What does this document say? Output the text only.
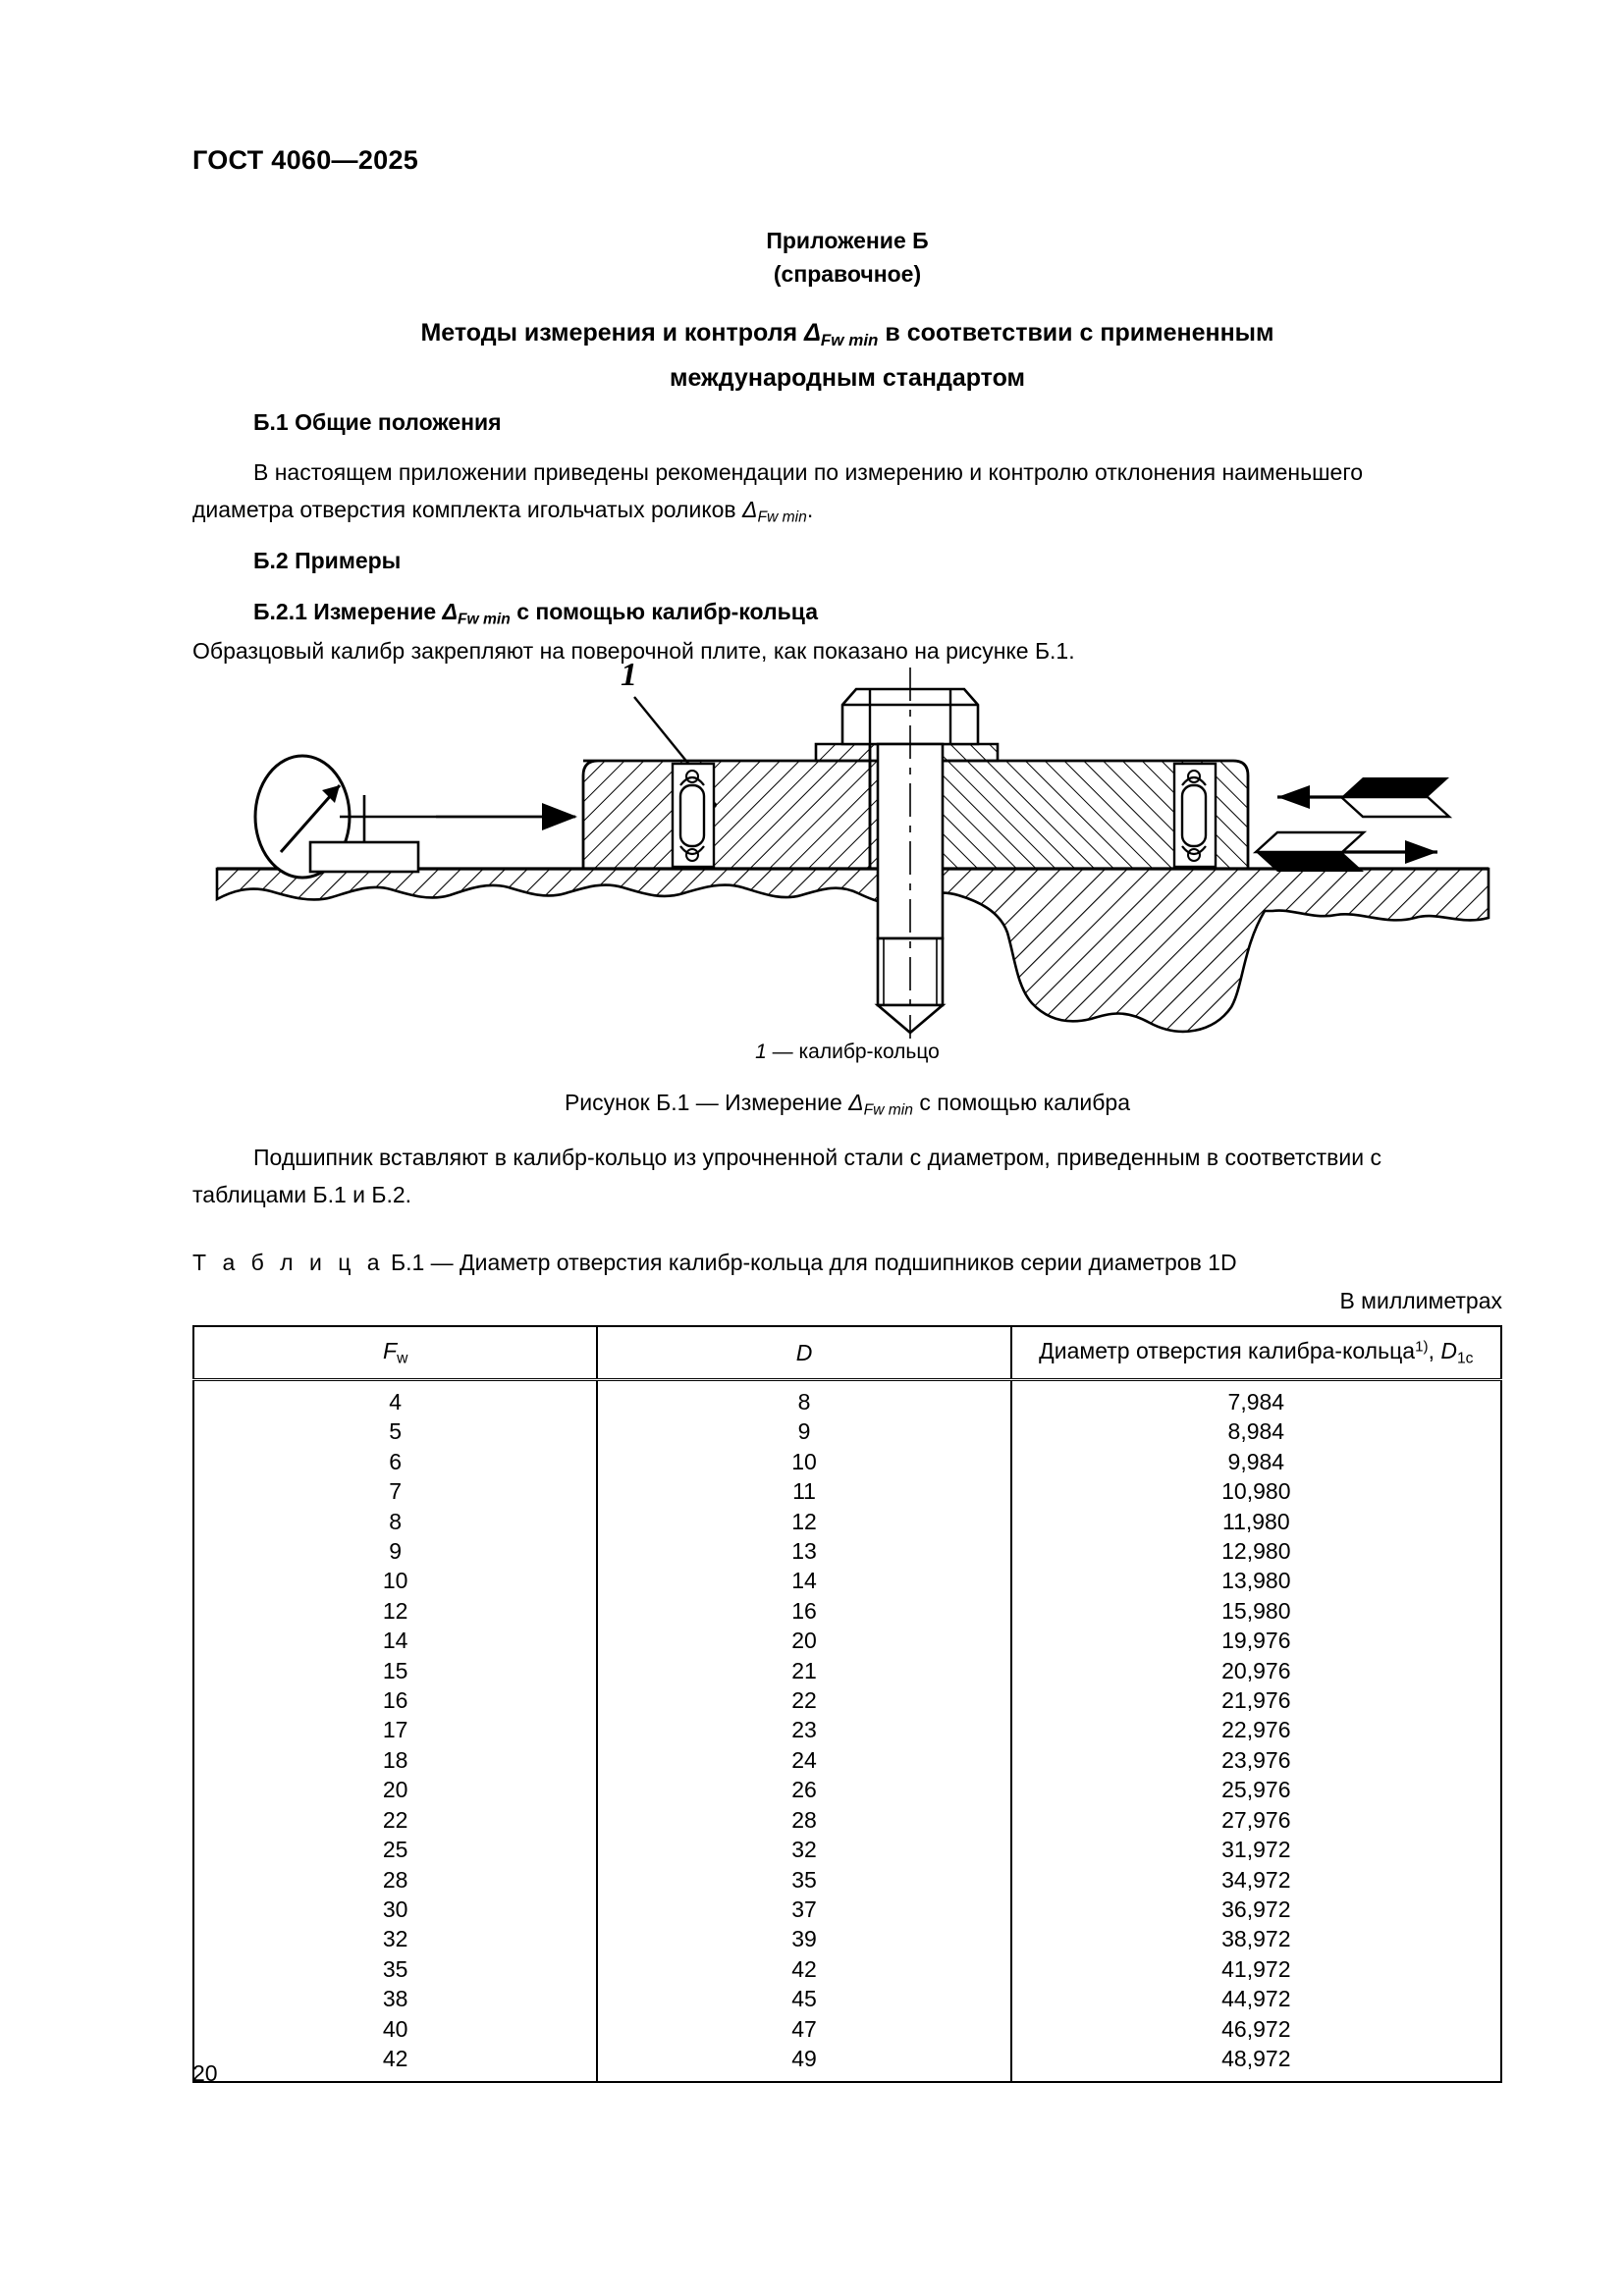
ГОСТ 4060—2025
Приложение Б
(справочное)
Методы измерения и контроля $\Delta_{Fw min}$ в соответствии с примененным
международным стандартом
Б.1 Общие положения
В настоящем приложении приведены рекомендации по измерению и контролю отклонения наименьшего
диаметра отверстия комплекта игольчатых роликов $\Delta_{Fw min}$.
Б.2 Примеры
Б.2.1 Измерение $\Delta_{Fw min}$ с помощью калибр-кольца
Образцовый калибр закрепляют на поверочной плите, как показано на рисунке Б.1.
1
1 — калибр-кольцо
Рисунок Б.1 — Измерение $\Delta_{Fw min}$ с помощью калибра
Подшипник вставляют в калибр-кольцо из упрочненной стали с диаметром, приведенным в соответствии с
таблицами Б.1 и Б.2.
Т а б л и ц а Б.1 — Диаметр отверстия калибр-кольца для подшипников серии диаметров 1D
В миллиметрах
$F_w$	D	Диаметр отверстия калибра-кольца$^{1)}$, $D_{1c}$
4	8	7,984
5	9	8,984
6	10	9,984
7	11	10,980
8	12	11,980
9	13	12,980
10	14	13,980
12	16	15,980
14	20	19,976
15	21	20,976
16	22	21,976
17	23	22,976
18	24	23,976
20	26	25,976
22	28	27,976
25	32	31,972
28	35	34,972
30	37	36,972
32	39	38,972
35	42	41,972
38	45	44,972
40	47	46,972
42	49	48,972
20
